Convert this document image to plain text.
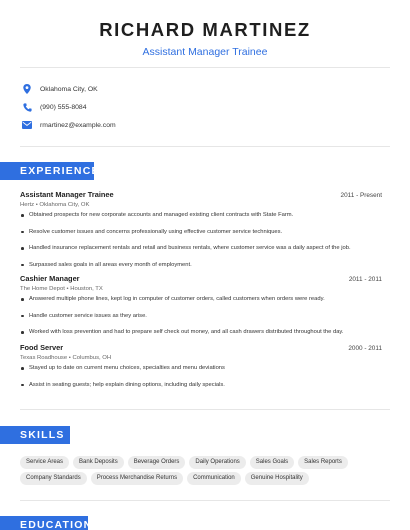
RICHARD MARTINEZ
Assistant Manager Trainee
Oklahoma City, OK
(990) 555-8084
rmartinez@example.com
EXPERIENCE
Assistant Manager Trainee	2011 - Present
Hertz • Oklahoma City, OK
Obtained prospects for new corporate accounts and managed existing client contracts with State Farm.
Resolve customer issues and concerns professionally using effective customer service techniques.
Handled insurance replacement rentals and retail and business rentals, where customer service was a daily aspect of the job.
Surpassed sales goals in all areas every month of employment.
Cashier Manager	2011 - 2011
The Home Depot • Houston, TX
Answered multiple phone lines, kept log in computer of customer orders, called customers when orders were ready.
Handle customer service issues as they arise.
Worked with loss prevention and had to prepare self check out money, and all cash drawers distributed throughout the day.
Food Server	2000 - 2011
Texas Roadhouse • Columbus, OH
Stayed up to date on current menu choices, specialties and menu deviations
Assist in seating guests; help explain dining options, including daily specials.
SKILLS
Service Areas	Bank Deposits	Beverage Orders	Daily Operations	Sales Goals	Sales Reports
Company Standards	Process Merchandise Returns	Communication	Genuine Hospitality
EDUCATION
